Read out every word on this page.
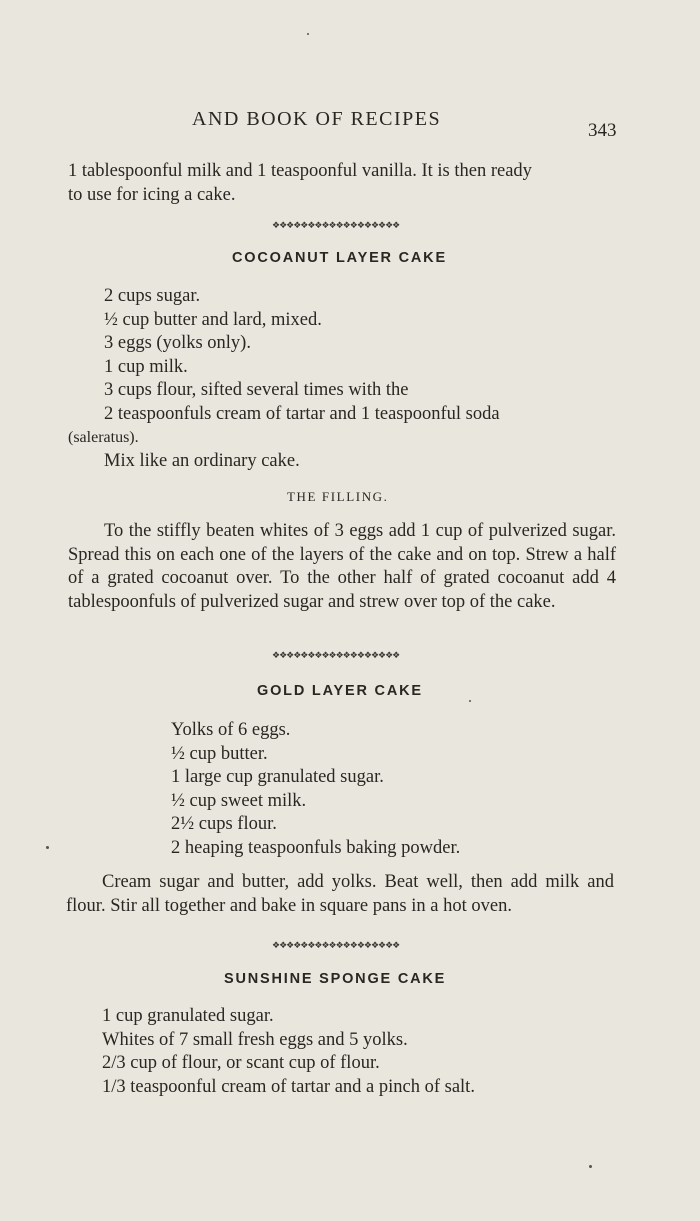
AND BOOK OF RECIPES
343
1 tablespoonful milk and 1 teaspoonful vanilla. It is then ready
to use for icing a cake.
❖❖❖❖❖❖❖❖❖❖❖❖❖❖❖❖❖❖
COCOANUT LAYER CAKE
2 cups sugar.
½ cup butter and lard, mixed.
3 eggs (yolks only).
1 cup milk.
3 cups flour, sifted several times with the
2 teaspoonfuls cream of tartar and 1 teaspoonful soda
(saleratus).
Mix like an ordinary cake.
THE FILLING.

To the stiffly beaten whites of 3 eggs add 1 cup of pulverized sugar. Spread this on each one of the layers of the cake and on top. Strew a half of a grated cocoanut over. To the other half of grated cocoanut add 4 tablespoonfuls of pulverized sugar and strew over top of the cake.

❖❖❖❖❖❖❖❖❖❖❖❖❖❖❖❖❖❖
GOLD LAYER CAKE
Yolks of 6 eggs.
½ cup butter.
1 large cup granulated sugar.
½ cup sweet milk.
2½ cups flour.
2 heaping teaspoonfuls baking powder.

Cream sugar and butter, add yolks. Beat well, then add milk and flour. Stir all together and bake in square pans in a hot oven.

❖❖❖❖❖❖❖❖❖❖❖❖❖❖❖❖❖❖
SUNSHINE SPONGE CAKE
1 cup granulated sugar.
Whites of 7 small fresh eggs and 5 yolks.
2/3 cup of flour, or scant cup of flour.
1/3 teaspoonful cream of tartar and a pinch of salt.
